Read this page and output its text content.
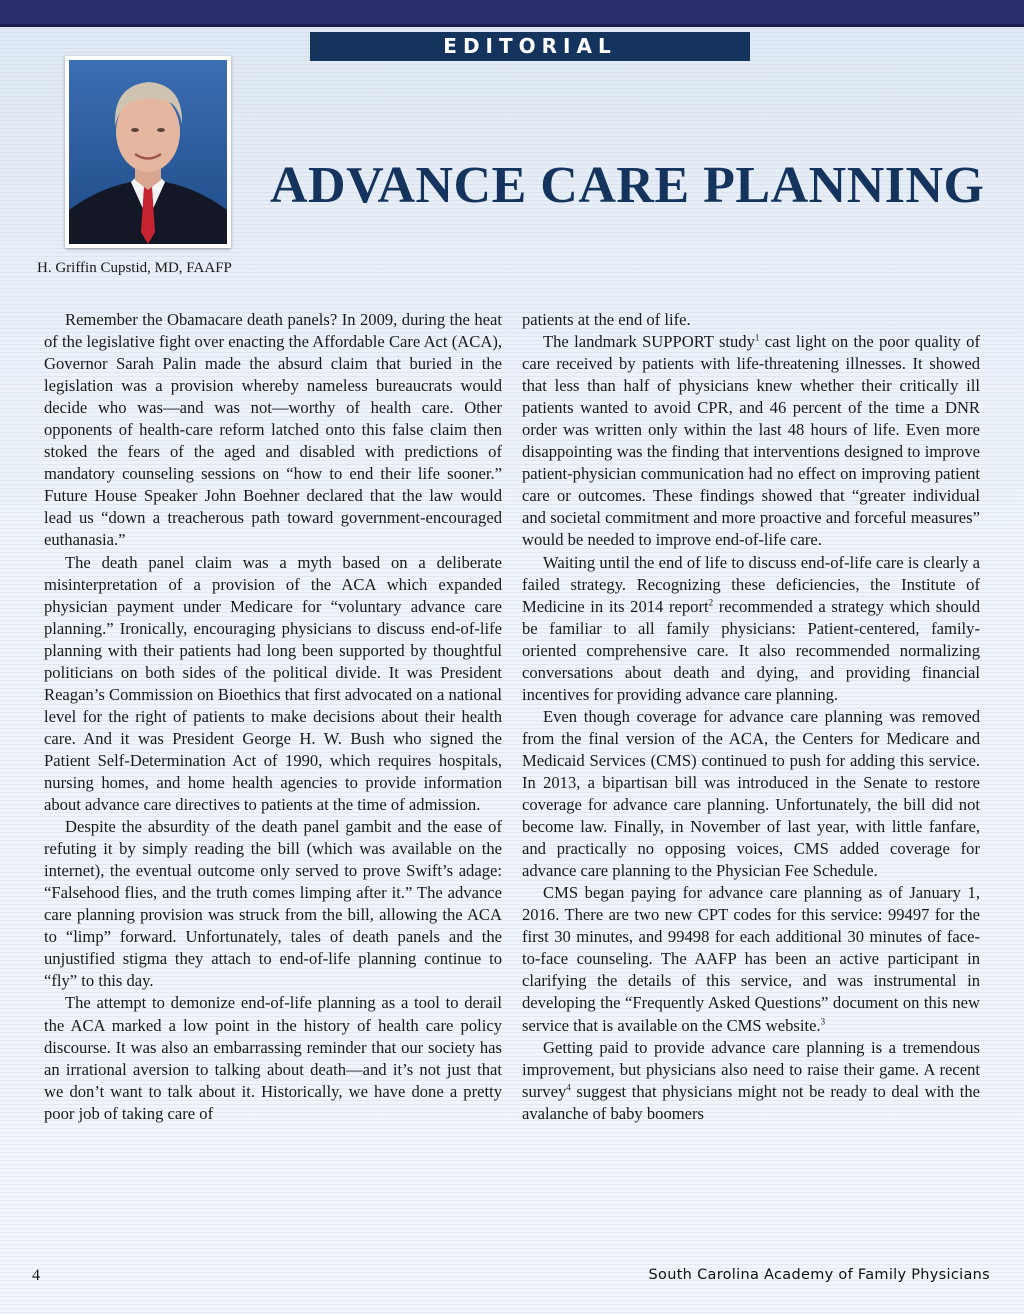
EDITORIAL
ADVANCE CARE PLANNING
H. Griffin Cupstid, MD, FAAFP

Remember the Obamacare death panels? In 2009, during the heat of the legislative fight over enacting the Affordable Care Act (ACA), Governor Sarah Palin made the absurd claim that buried in the legislation was a provision whereby nameless bureaucrats would decide who was—and was not—worthy of health care. Other opponents of health-care reform latched onto this false claim then stoked the fears of the aged and disabled with predictions of mandatory counseling sessions on “how to end their life sooner.” Future House Speaker John Boehner declared that the law would lead us “down a treacherous path toward government-encouraged euthanasia.”

The death panel claim was a myth based on a deliberate misinterpretation of a provision of the ACA which expanded physician payment under Medicare for “voluntary advance care planning.” Ironically, encouraging physicians to discuss end-of-life planning with their patients had long been supported by thoughtful politicians on both sides of the political divide. It was President Reagan’s Commission on Bioethics that first advocated on a national level for the right of patients to make decisions about their health care. And it was President George H. W. Bush who signed the Patient Self-Determination Act of 1990, which requires hospitals, nursing homes, and home health agencies to provide information about advance care directives to patients at the time of admission.

Despite the absurdity of the death panel gambit and the ease of refuting it by simply reading the bill (which was available on the internet), the eventual outcome only served to prove Swift’s adage: “Falsehood flies, and the truth comes limping after it.” The advance care planning provision was struck from the bill, allowing the ACA to “limp” forward. Unfortunately, tales of death panels and the unjustified stigma they attach to end-of-life planning continue to “fly” to this day.

The attempt to demonize end-of-life planning as a tool to derail the ACA marked a low point in the history of health care policy discourse. It was also an embarrassing reminder that our society has an irrational aversion to talking about death—and it’s not just that we don’t want to talk about it. Historically, we have done a pretty poor job of taking care of

patients at the end of life.

The landmark SUPPORT study$^1$ cast light on the poor quality of care received by patients with life-threatening illnesses. It showed that less than half of physicians knew whether their critically ill patients wanted to avoid CPR, and 46 percent of the time a DNR order was written only within the last 48 hours of life. Even more disappointing was the finding that interventions designed to improve patient-physician communication had no effect on improving patient care or outcomes. These findings showed that “greater individual and societal commitment and more proactive and forceful measures” would be needed to improve end-of-life care.

Waiting until the end of life to discuss end-of-life care is clearly a failed strategy. Recognizing these deficiencies, the Institute of Medicine in its 2014 report$^2$ recommended a strategy which should be familiar to all family physicians: Patient-centered, family-oriented comprehensive care. It also recommended normalizing conversations about death and dying, and providing financial incentives for providing advance care planning.

Even though coverage for advance care planning was removed from the final version of the ACA, the Centers for Medicare and Medicaid Services (CMS) continued to push for adding this service. In 2013, a bipartisan bill was introduced in the Senate to restore coverage for advance care planning. Unfortunately, the bill did not become law. Finally, in November of last year, with little fanfare, and practically no opposing voices, CMS added coverage for advance care planning to the Physician Fee Schedule.

CMS began paying for advance care planning as of January 1, 2016. There are two new CPT codes for this service: 99497 for the first 30 minutes, and 99498 for each additional 30 minutes of face-to-face counseling. The AAFP has been an active participant in clarifying the details of this service, and was instrumental in developing the “Frequently Asked Questions” document on this new service that is available on the CMS website.$^3$

Getting paid to provide advance care planning is a tremendous improvement, but physicians also need to raise their game. A recent survey$^4$ suggest that physicians might not be ready to deal with the avalanche of baby boomers

4	South Carolina Academy of Family Physicians
